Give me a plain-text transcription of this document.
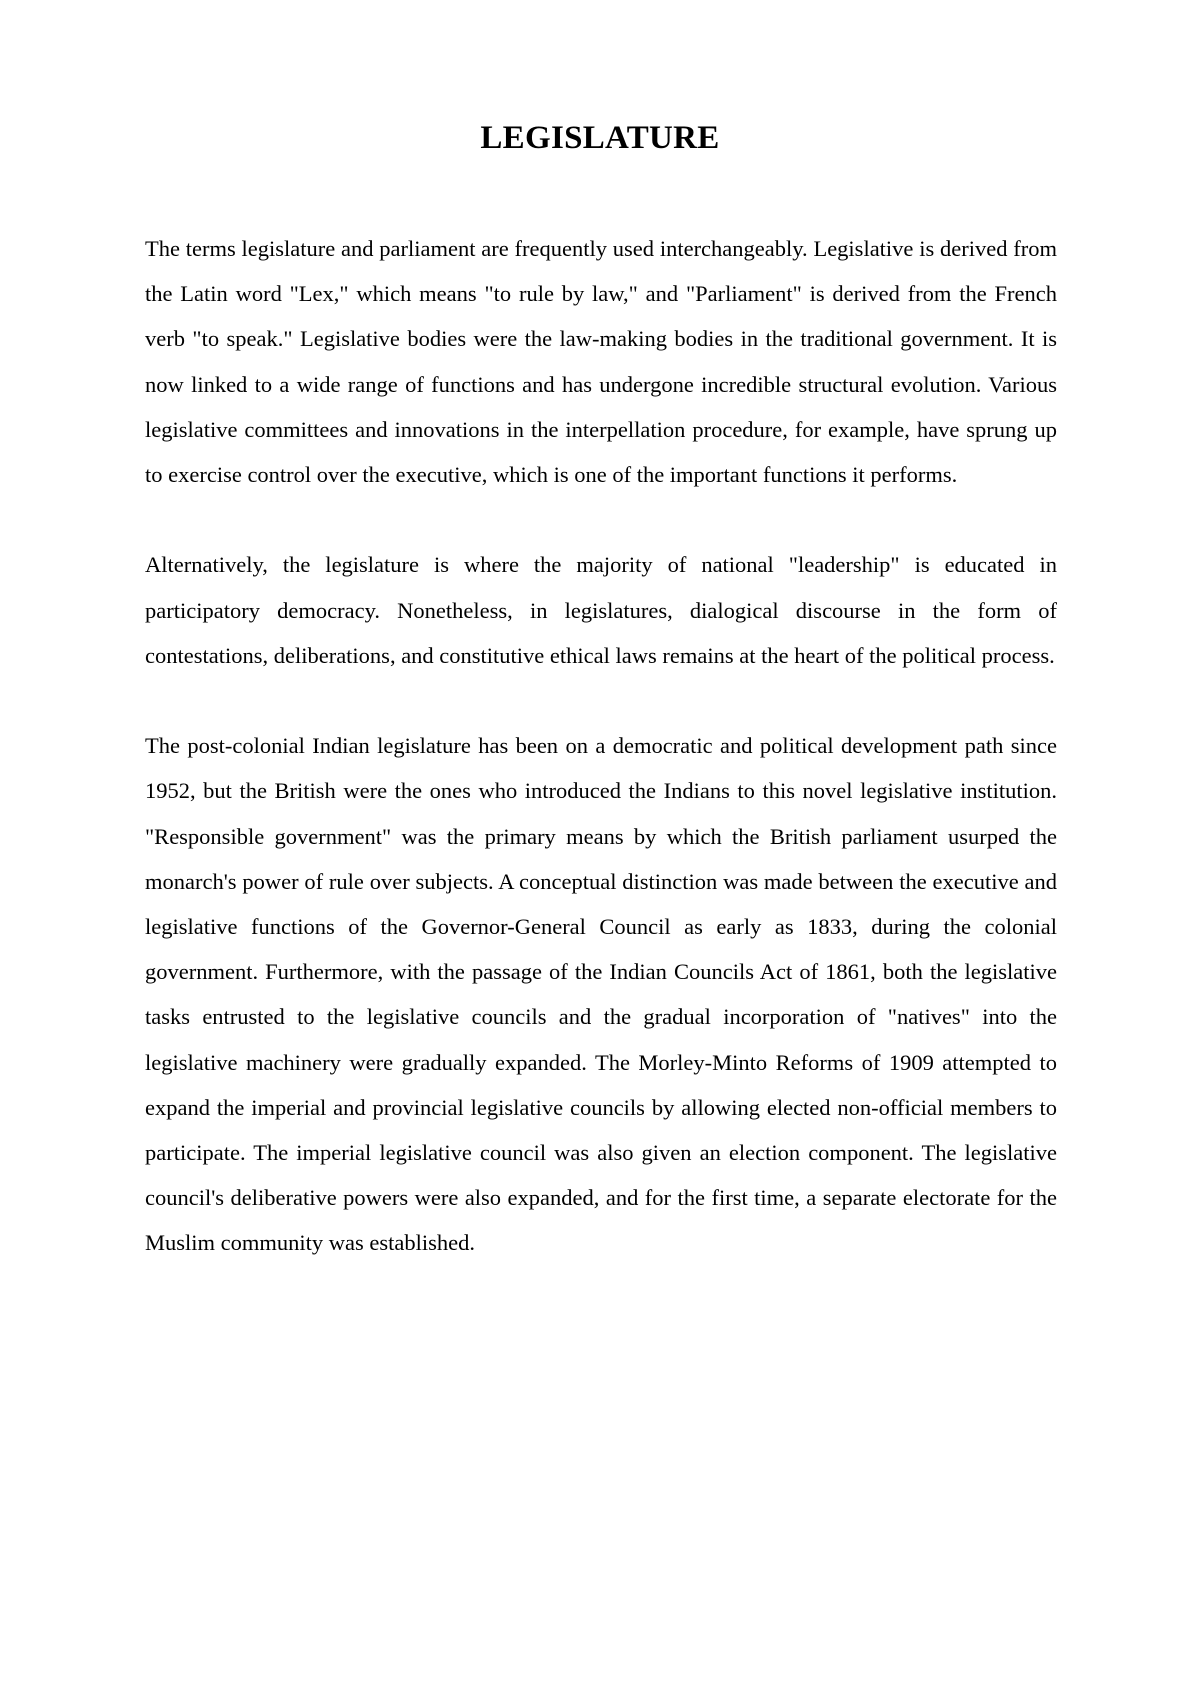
LEGISLATURE

The terms legislature and parliament are frequently used interchangeably. Legislative is derived from the Latin word "Lex," which means "to rule by law," and "Parliament" is derived from the French verb "to speak." Legislative bodies were the law-making bodies in the traditional government. It is now linked to a wide range of functions and has undergone incredible structural evolution. Various legislative committees and innovations in the interpellation procedure, for example, have sprung up to exercise control over the executive, which is one of the important functions it performs.

Alternatively, the legislature is where the majority of national "leadership" is educated in participatory democracy. Nonetheless, in legislatures, dialogical discourse in the form of contestations, deliberations, and constitutive ethical laws remains at the heart of the political process.

The post-colonial Indian legislature has been on a democratic and political development path since 1952, but the British were the ones who introduced the Indians to this novel legislative institution. "Responsible government" was the primary means by which the British parliament usurped the monarch's power of rule over subjects. A conceptual distinction was made between the executive and legislative functions of the Governor-General Council as early as 1833, during the colonial government. Furthermore, with the passage of the Indian Councils Act of 1861, both the legislative tasks entrusted to the legislative councils and the gradual incorporation of "natives" into the legislative machinery were gradually expanded. The Morley-Minto Reforms of 1909 attempted to expand the imperial and provincial legislative councils by allowing elected non-official members to participate. The imperial legislative council was also given an election component. The legislative council's deliberative powers were also expanded, and for the first time, a separate electorate for the Muslim community was established.
